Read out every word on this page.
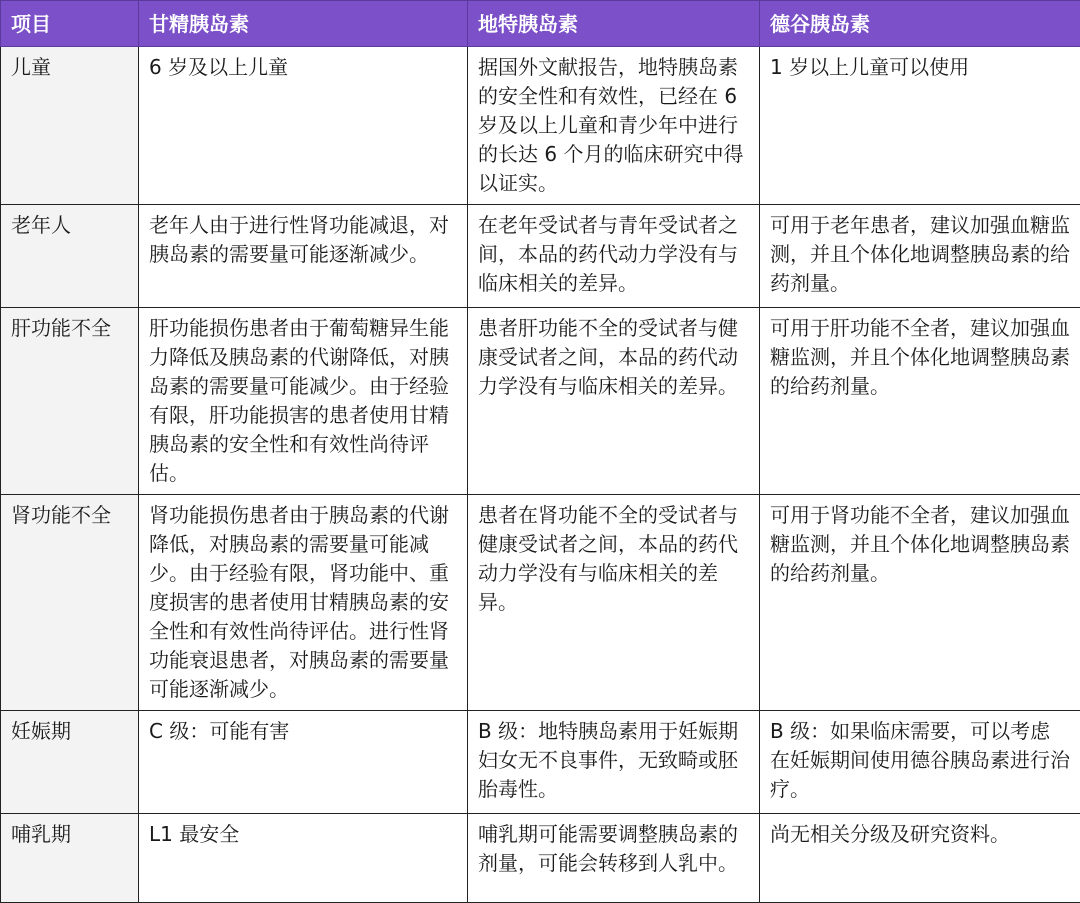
项目	甘精胰岛素	地特胰岛素	德谷胰岛素
儿童	6 岁及以上儿童	据国外文献报告，地特胰岛素的安全性和有效性，已经在 6 岁及以上儿童和青少年中进行的长达 6 个月的临床研究中得以证实。	1 岁以上儿童可以使用
老年人	老年人由于进行性肾功能减退，对胰岛素的需要量可能逐渐减少。	在老年受试者与青年受试者之间，本品的药代动力学没有与临床相关的差异。	可用于老年患者，建议加强血糖监测，并且个体化地调整胰岛素的给药剂量。
肝功能不全	肝功能损伤患者由于葡萄糖异生能力降低及胰岛素的代谢降低，对胰岛素的需要量可能减少。由于经验有限，肝功能损害的患者使用甘精胰岛素的安全性和有效性尚待评估。	患者肝功能不全的受试者与健康受试者之间，本品的药代动力学没有与临床相关的差异。	可用于肝功能不全者，建议加强血糖监测，并且个体化地调整胰岛素的给药剂量。
肾功能不全	肾功能损伤患者由于胰岛素的代谢降低，对胰岛素的需要量可能减少。由于经验有限，肾功能中、重度损害的患者使用甘精胰岛素的安全性和有效性尚待评估。进行性肾功能衰退患者，对胰岛素的需要量可能逐渐减少。	患者在肾功能不全的受试者与健康受试者之间，本品的药代动力学没有与临床相关的差异。	可用于肾功能不全者，建议加强血糖监测，并且个体化地调整胰岛素的给药剂量。
妊娠期	C 级：可能有害	B 级：地特胰岛素用于妊娠期妇女无不良事件，无致畸或胚胎毒性。	B 级：如果临床需要，可以考虑在妊娠期间使用德谷胰岛素进行治疗。
哺乳期	L1 最安全	哺乳期可能需要调整胰岛素的剂量，可能会转移到人乳中。	尚无相关分级及研究资料。
